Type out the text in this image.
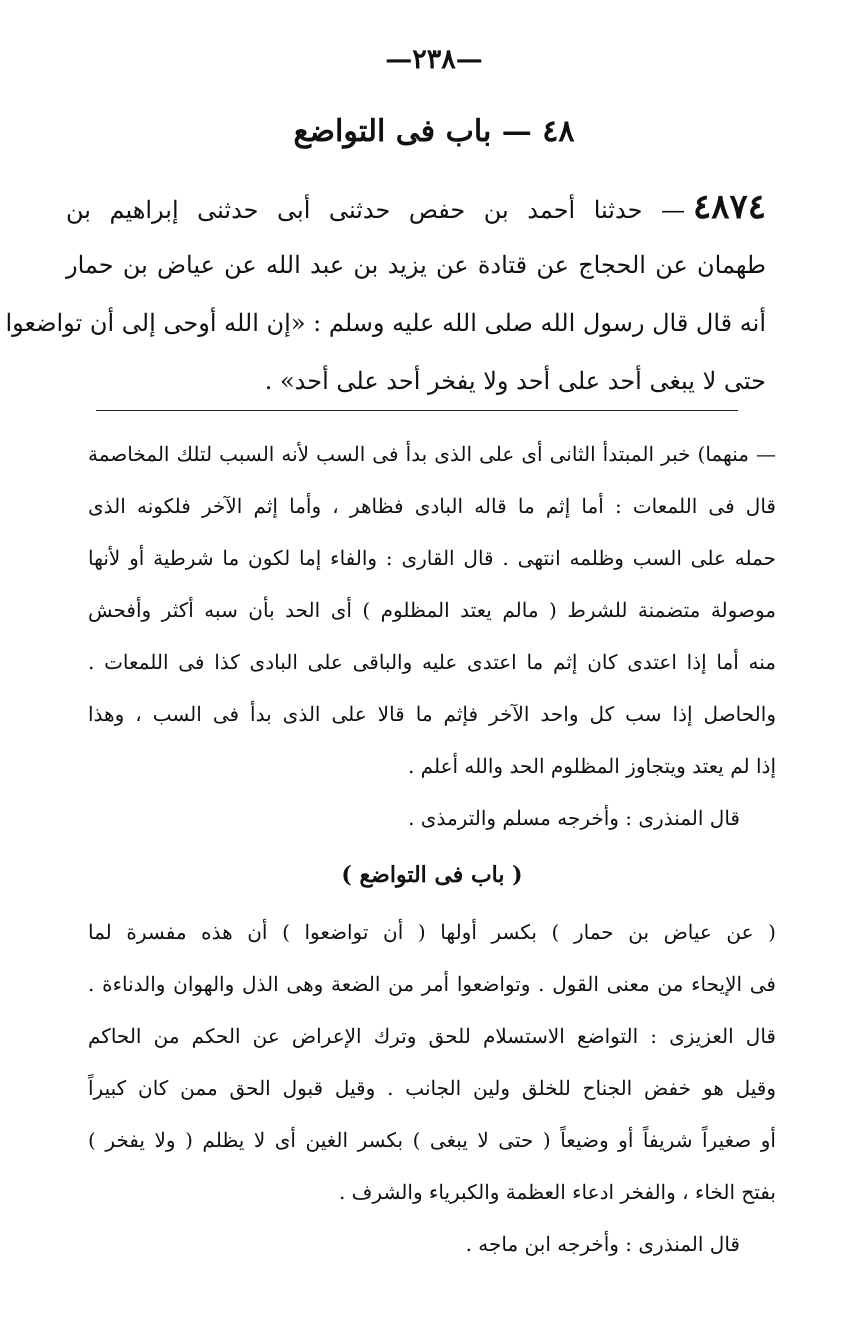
—٢٣٨—
٤٨ — باب فى التواضع
٤٨٧٤— حدثنا أحمد بن حفص حدثنى أبى حدثنى إبراهيم بن
طهمان عن الحجاج عن قتادة عن يزيد بن عبد الله عن عياض بن حمار
أنه قال قال رسول الله صلى الله عليه وسلم : «إن الله أوحى إلى أن تواضعوا
حتى لا يبغى أحد على أحد ولا يفخر أحد على أحد» .
— منهما) خبر المبتدأ الثانى أى على الذى بدأ فى السب لأنه السبب لتلك المخاصمة
قال فى اللمعات : أما إثم ما قاله البادى فظاهر ، وأما إثم الآخر فلكونه الذى
حمله على السب وظلمه انتهى . قال القارى : والفاء إما لكون ما شرطية أو لأنها
موصولة متضمنة للشرط ( مالم يعتد المظلوم ) أى الحد بأن سبه أكثر وأفحش
منه أما إذا اعتدى كان إثم ما اعتدى عليه والباقى على البادى كذا فى اللمعات .
والحاصل إذا سب كل واحد الآخر فإثم ما قالا على الذى بدأ فى السب ، وهذا
إذا لم يعتد ويتجاوز المظلوم الحد والله أعلم .
قال المنذرى : وأخرجه مسلم والترمذى .
( باب فى التواضع )
( عن عياض بن حمار ) بكسر أولها ( أن تواضعوا ) أن هذه مفسرة لما
فى الإيحاء من معنى القول . وتواضعوا أمر من الضعة وهى الذل والهوان والدناءة .
قال العزيزى : التواضع الاستسلام للحق وترك الإعراض عن الحكم من الحاكم
وقيل هو خفض الجناح للخلق ولين الجانب . وقيل قبول الحق ممن كان كبيراً
أو صغيراً شريفاً أو وضيعاً ( حتى لا يبغى ) بكسر الغين أى لا يظلم ( ولا يفخر )
بفتح الخاء ، والفخر ادعاء العظمة والكبرياء والشرف .
قال المنذرى : وأخرجه ابن ماجه .
